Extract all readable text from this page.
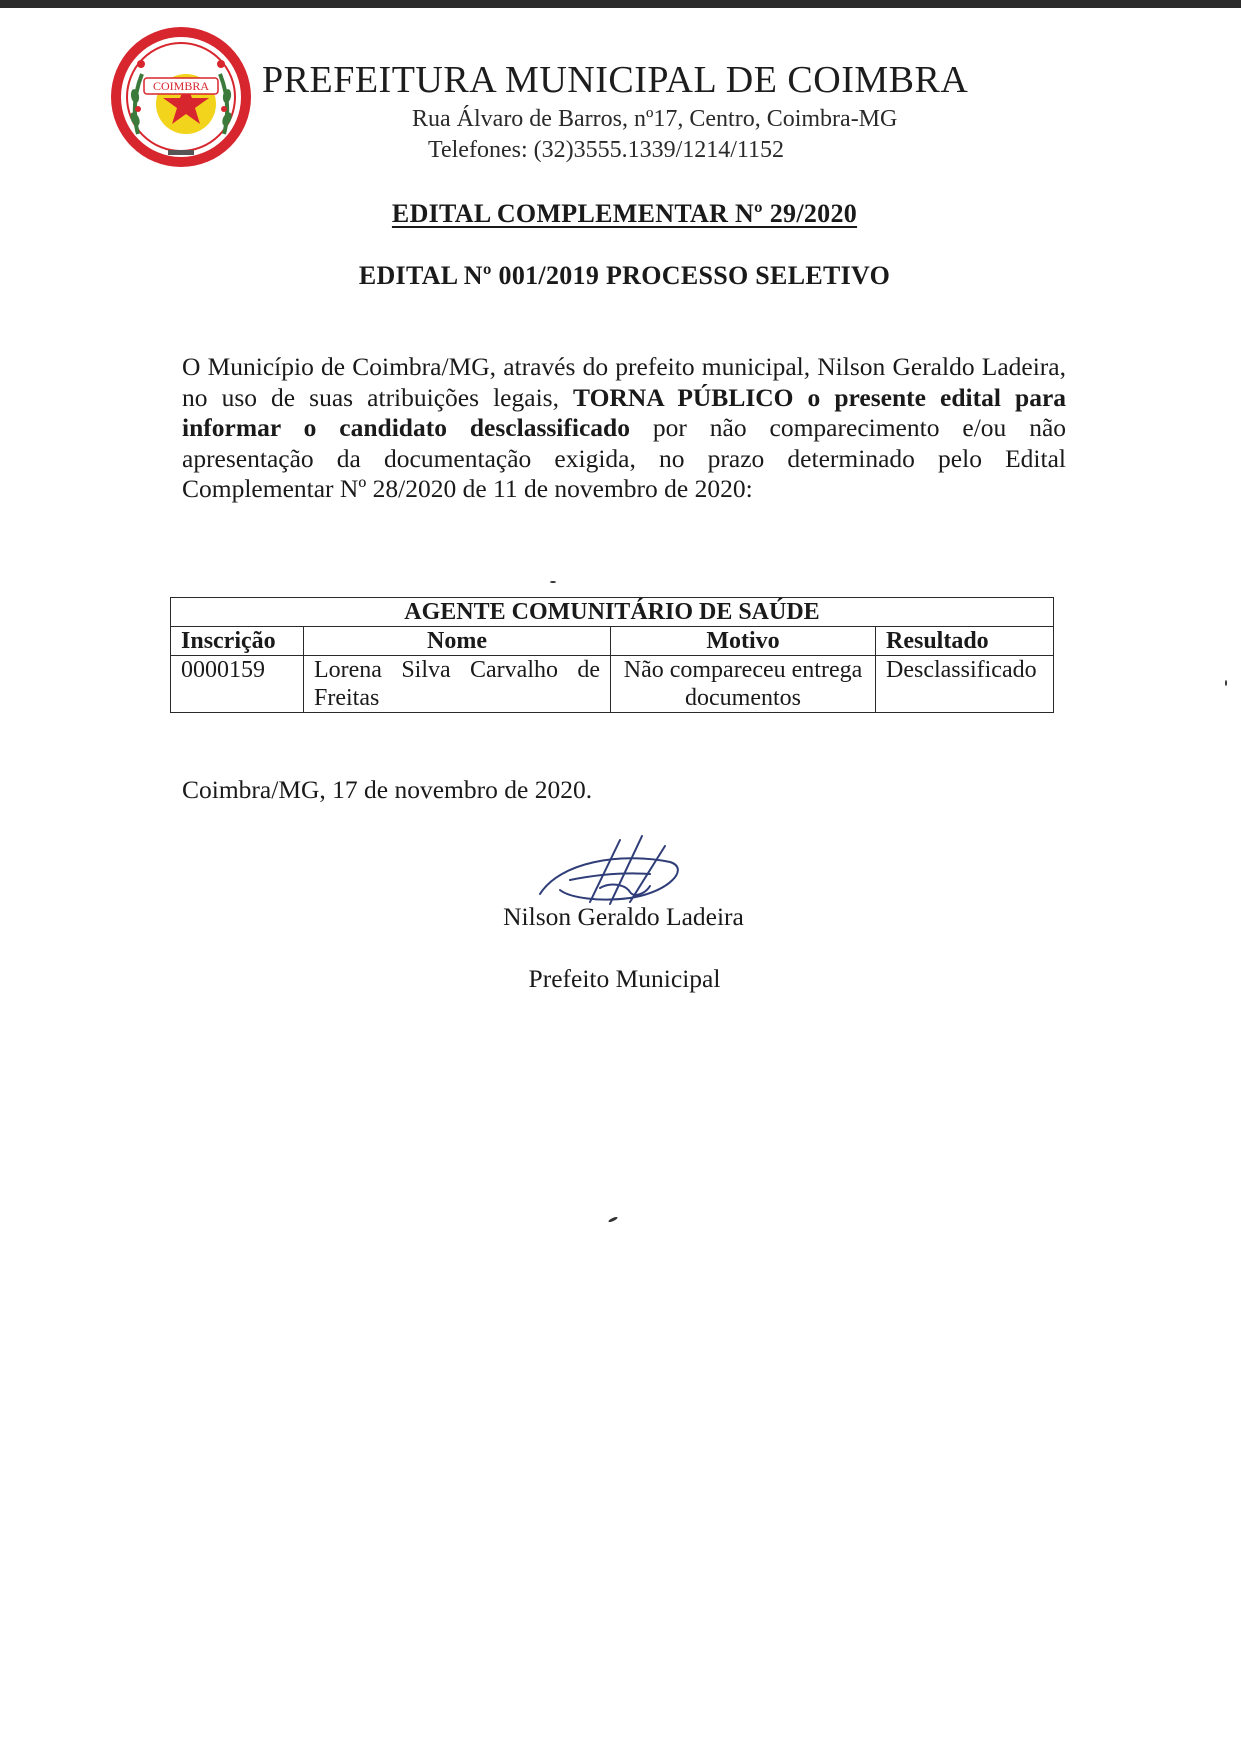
COIMBRA PREFEITURA MUNICIPAL DE COIMBRA
Rua Álvaro de Barros, nº17, Centro, Coimbra-MG
Telefones: (32)3555.1339/1214/1152
EDITAL COMPLEMENTAR Nº 29/2020
EDITAL Nº 001/2019 PROCESSO SELETIVO
O Município de Coimbra/MG, através do prefeito municipal, Nilson Geraldo Ladeira, no uso de suas atribuições legais, TORNA PÚBLICO o presente edital para informar o candidato desclassificado por não comparecimento e/ou não apresentação da documentação exigida, no prazo determinado pelo Edital Complementar Nº 28/2020 de 11 de novembro de 2020:
AGENTE COMUNITÁRIO DE SAÚDE			
Inscrição	Nome	Motivo	Resultado
0000159	Lorena Silva Carvalho de Freitas	Não compareceu entrega documentos	Desclassificado
Coimbra/MG, 17 de novembro de 2020.
Nilson Geraldo Ladeira
Prefeito Municipal
